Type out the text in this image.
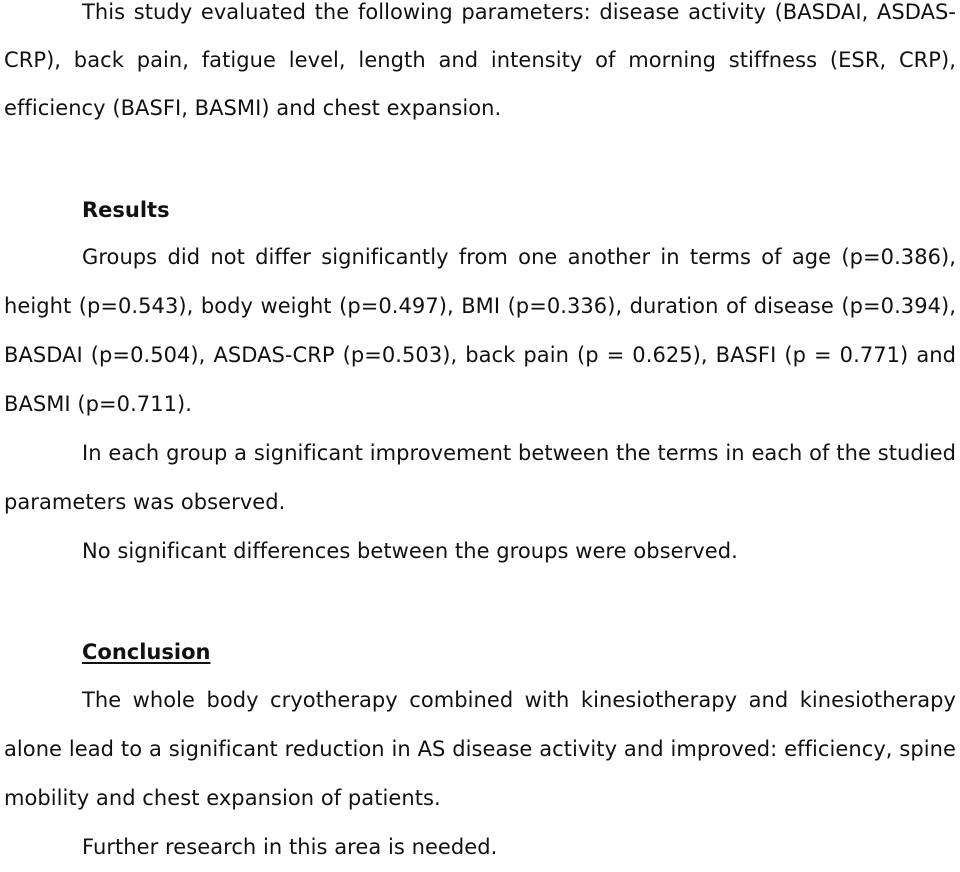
This study evaluated the following parameters: disease activity (BASDAI, ASDAS-CRP), back pain, fatigue level, length and intensity of morning stiffness (ESR, CRP), efficiency (BASFI, BASMI) and chest expansion.

Results

Groups did not differ significantly from one another in terms of age (p=0.386), height (p=0.543), body weight (p=0.497), BMI (p=0.336), duration of disease (p=0.394), BASDAI (p=0.504), ASDAS-CRP (p=0.503), back pain (p = 0.625), BASFI (p = 0.771) and BASMI (p=0.711).

In each group a significant improvement between the terms in each of the studied parameters was observed.

No significant differences between the groups were observed.

Conclusion

The whole body cryotherapy combined with kinesiotherapy and kinesiotherapy alone lead to a significant reduction in AS disease activity and improved: efficiency, spine mobility and chest expansion of patients.

Further research in this area is needed.
